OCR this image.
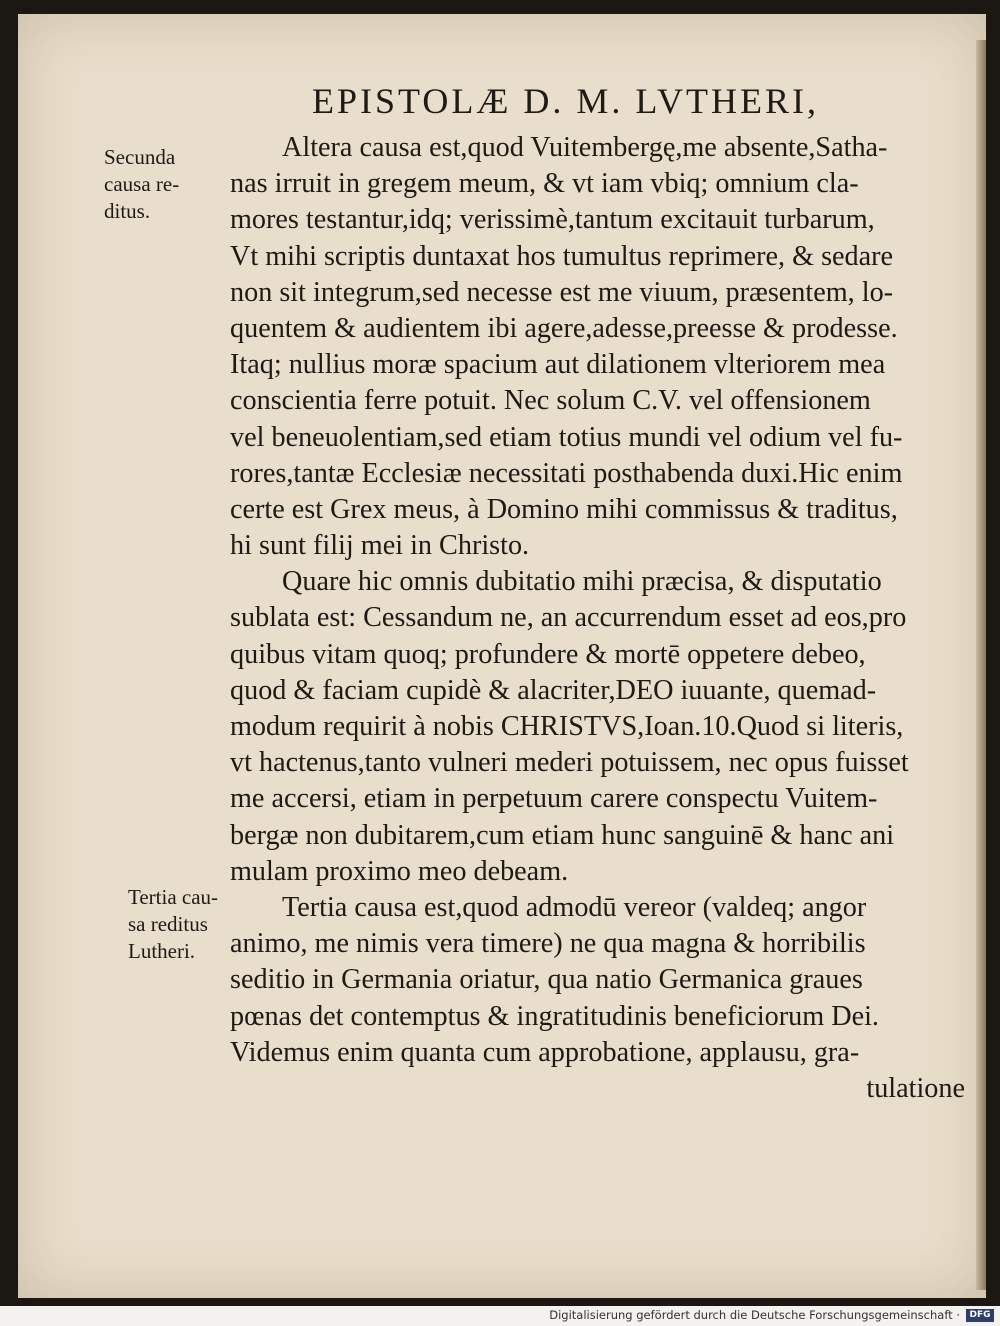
EPISTOLÆ D. M. LVTHERI,
Secunda
causa re-
ditus.
Tertia cau-
sa reditus
Lutheri.
Altera causa est,quod Vuitembergę,me absente,Satha-
nas irruit in gregem meum, & vt iam vbiq; omnium cla-
mores testantur,idq; verissimè,tantum excitauit turbarum,
Vt mihi scriptis duntaxat hos tumultus reprimere, & sedare
non sit integrum,sed necesse est me viuum, præsentem, lo-
quentem & audientem ibi agere,adesse,preesse & prodesse.
Itaq; nullius moræ spacium aut dilationem vlteriorem mea
conscientia ferre potuit. Nec solum C.V. vel offensionem
vel beneuolentiam,sed etiam totius mundi vel odium vel fu-
rores,tantæ Ecclesiæ necessitati posthabenda duxi.Hic enim
certe est Grex meus, à Domino mihi commissus & traditus,
hi sunt filij mei in Christo.
Quare hic omnis dubitatio mihi præcisa, & disputatio
sublata est: Cessandum ne, an accurrendum esset ad eos,pro
quibus vitam quoq; profundere & mortē oppetere debeo,
quod & faciam cupidè & alacriter,DEO iuuante, quemad-
modum requirit à nobis CHRISTVS,Ioan.10.Quod si literis,
vt hactenus,tanto vulneri mederi potuissem, nec opus fuisset
me accersi, etiam in perpetuum carere conspectu Vuitem-
bergæ non dubitarem,cum etiam hunc sanguinē & hanc ani
mulam proximo meo debeam.
Tertia causa est,quod admodū vereor (valdeq; angor
animo, me nimis vera timere) ne qua magna & horribilis
seditio in Germania oriatur, qua natio Germanica graues
pœnas det contemptus & ingratitudinis beneficiorum Dei.
Videmus enim quanta cum approbatione, applausu, gra-
tulatione
Digitalisierung gefördert durch die Deutsche Forschungsgemeinschaft ·	DFG
